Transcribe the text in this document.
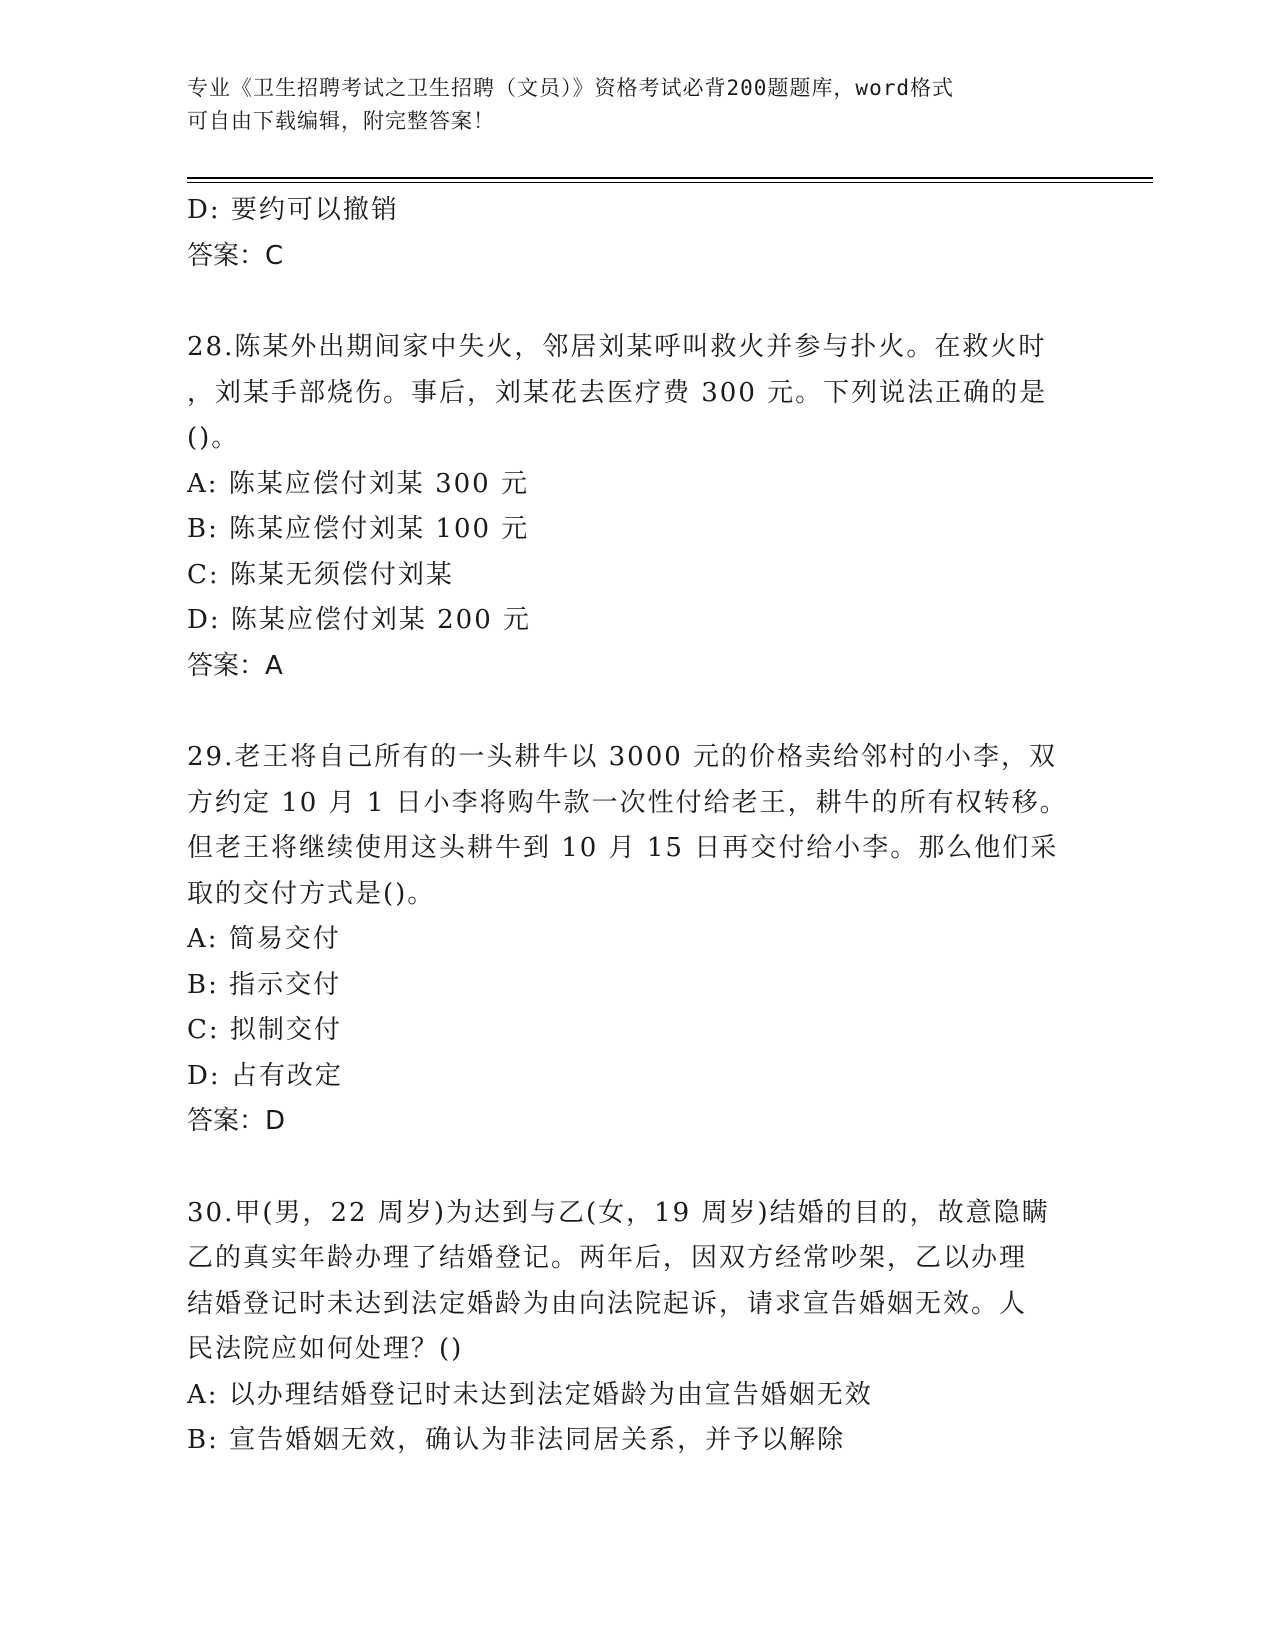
专业《卫生招聘考试之卫生招聘（文员）》资格考试必背200题题库，word格式
可自由下载编辑，附完整答案！
D: 要约可以撤销
答案：C
28.陈某外出期间家中失火，邻居刘某呼叫救火并参与扑火。在救火时
，刘某手部烧伤。事后，刘某花去医疗费 300 元。下列说法正确的是
()。
A: 陈某应偿付刘某 300 元
B: 陈某应偿付刘某 100 元
C: 陈某无须偿付刘某
D: 陈某应偿付刘某 200 元
答案：A
29.老王将自己所有的一头耕牛以 3000 元的价格卖给邻村的小李，双
方约定 10 月 1 日小李将购牛款一次性付给老王，耕牛的所有权转移。
但老王将继续使用这头耕牛到 10 月 15 日再交付给小李。那么他们采
取的交付方式是()。
A: 简易交付
B: 指示交付
C: 拟制交付
D: 占有改定
答案：D
30.甲(男，22 周岁)为达到与乙(女，19 周岁)结婚的目的，故意隐瞒
乙的真实年龄办理了结婚登记。两年后，因双方经常吵架，乙以办理
结婚登记时未达到法定婚龄为由向法院起诉，请求宣告婚姻无效。人
民法院应如何处理？()
A: 以办理结婚登记时未达到法定婚龄为由宣告婚姻无效
B: 宣告婚姻无效，确认为非法同居关系，并予以解除
